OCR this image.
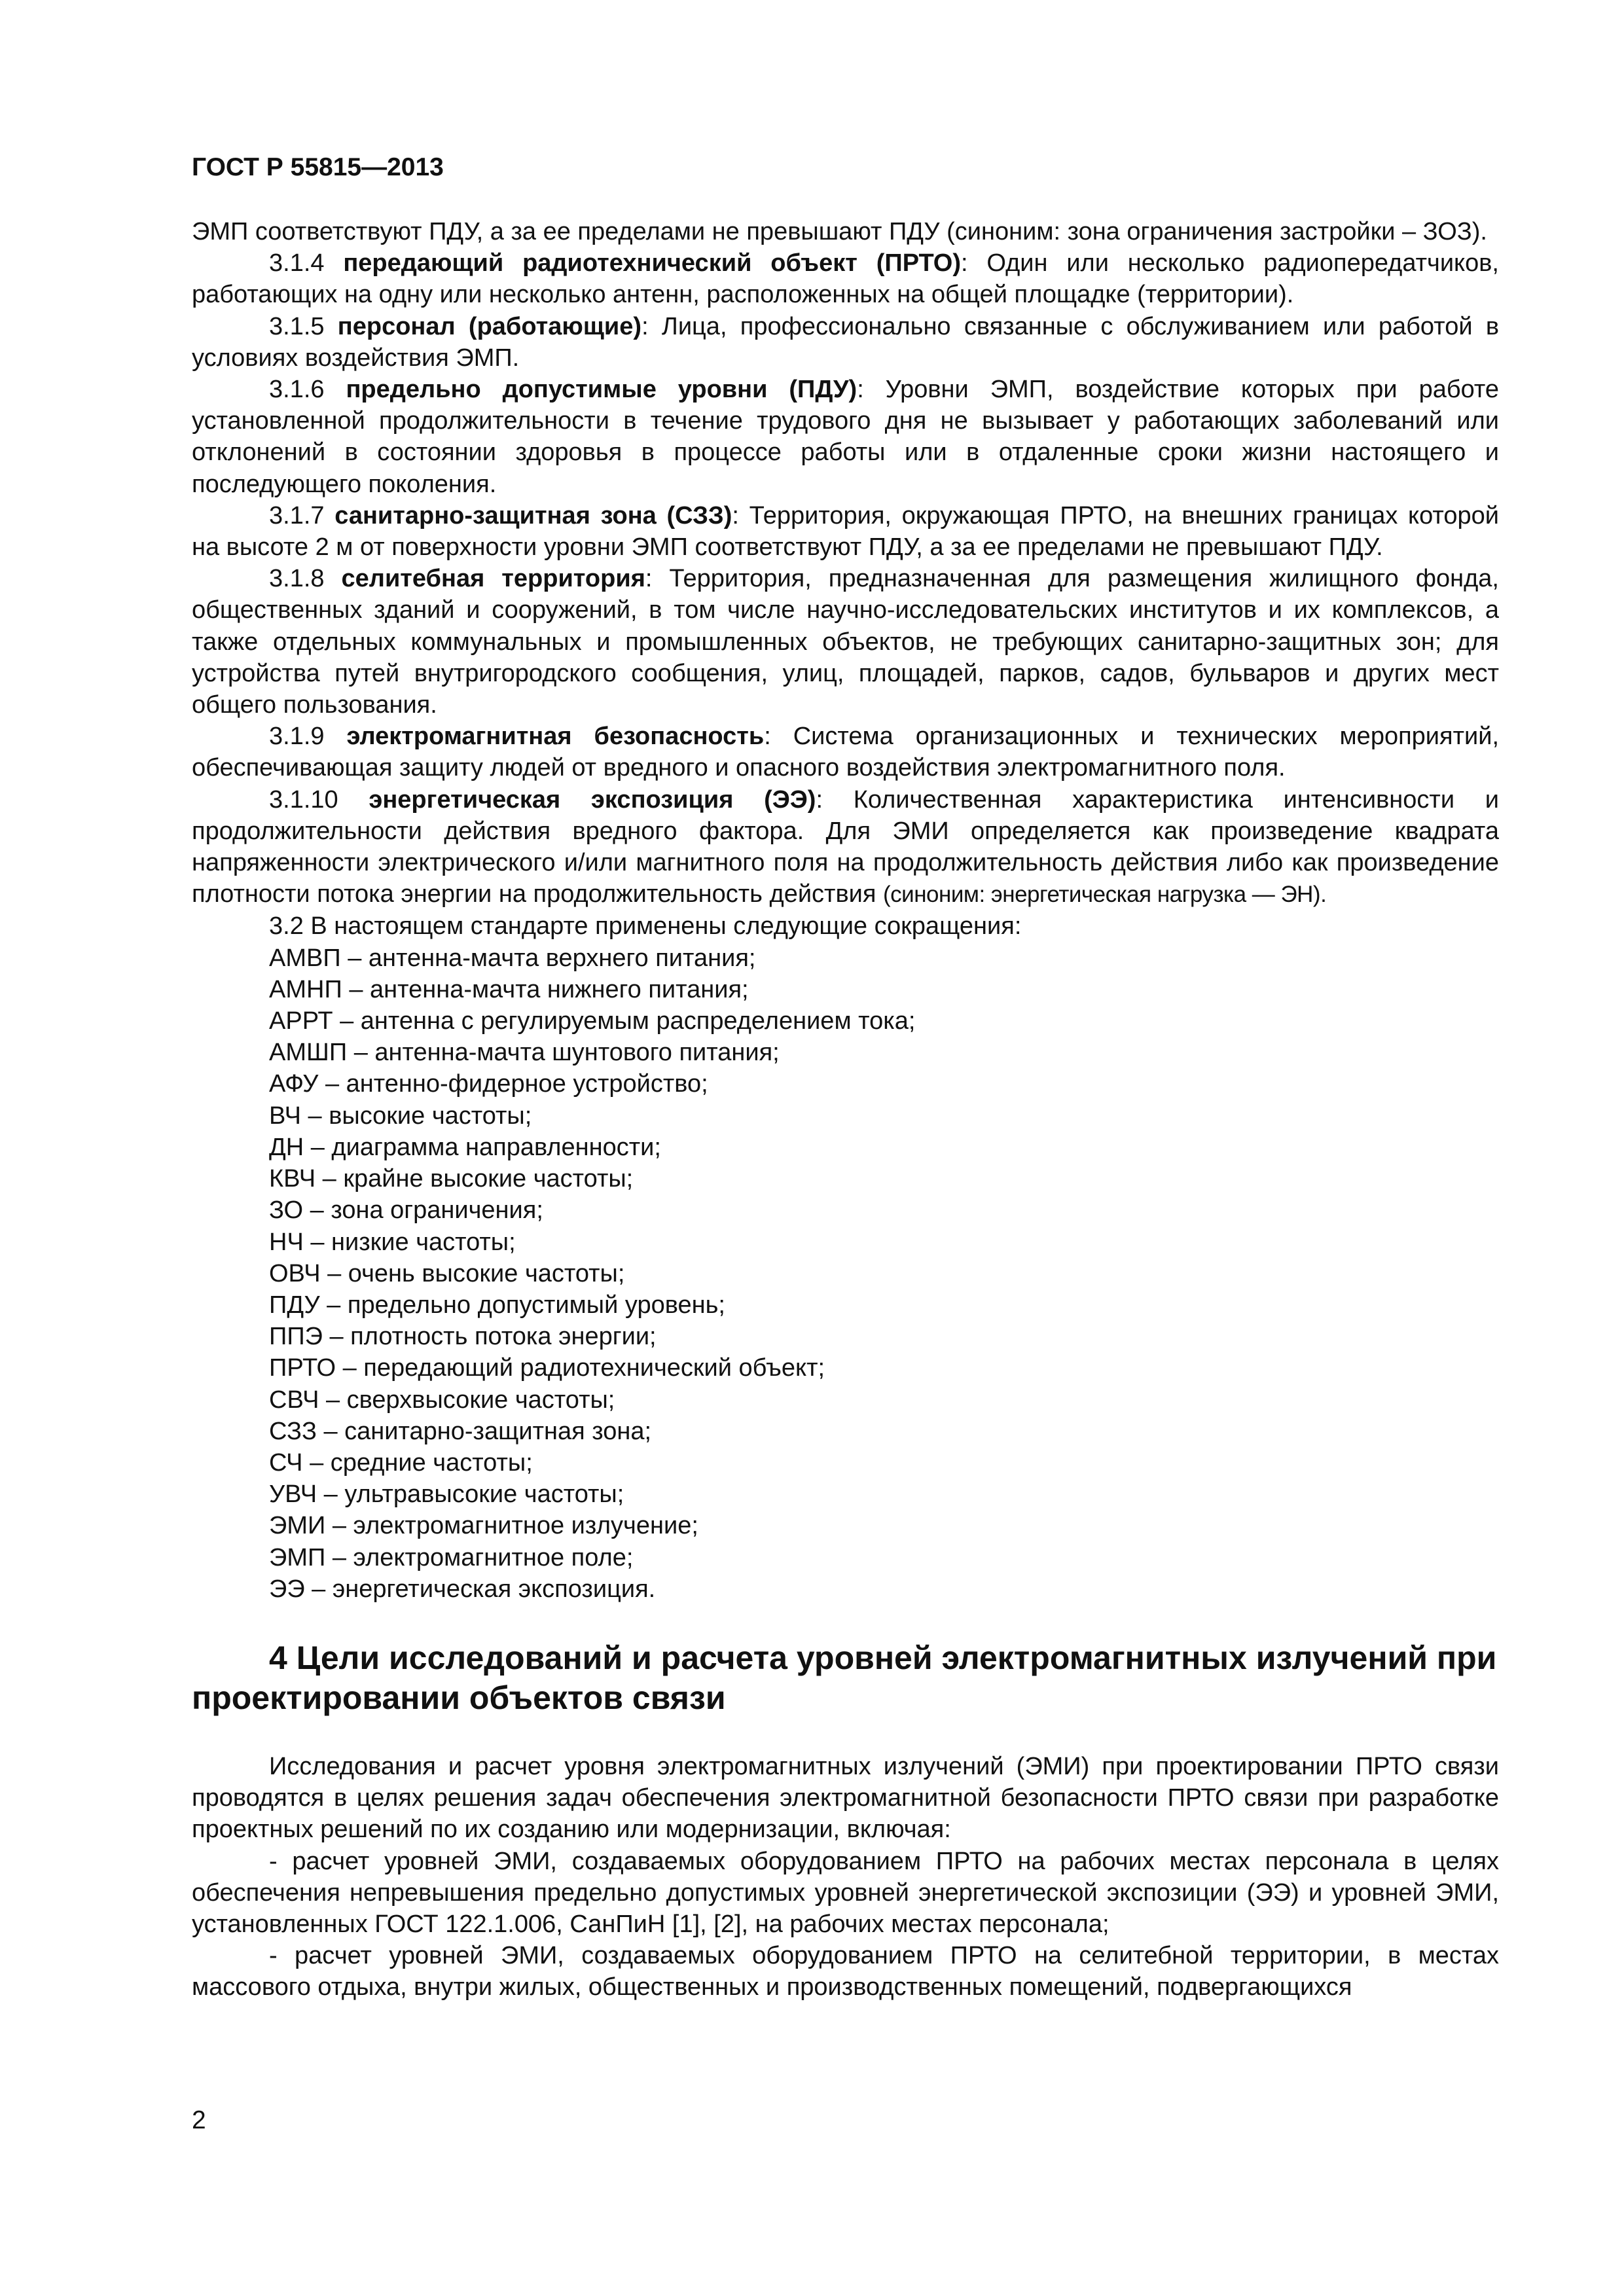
ГОСТ Р 55815—2013

ЭМП соответствуют ПДУ, а за ее пределами не превышают ПДУ (синоним: зона ограничения застройки – ЗОЗ).

3.1.4 передающий радиотехнический объект (ПРТО): Один или несколько радиопередатчиков, работающих на одну или несколько антенн, расположенных на общей площадке (территории).

3.1.5 персонал (работающие): Лица, профессионально связанные с обслуживанием или работой в условиях воздействия ЭМП.

3.1.6 предельно допустимые уровни (ПДУ): Уровни ЭМП, воздействие которых при работе установленной продолжительности в течение трудового дня не вызывает у работающих заболеваний или отклонений в состоянии здоровья в процессе работы или в отдаленные сроки жизни настоящего и последующего поколения.

3.1.7 санитарно-защитная зона (СЗЗ): Территория, окружающая ПРТО, на внешних границах которой на высоте 2 м от поверхности уровни ЭМП соответствуют ПДУ, а за ее пределами не превышают ПДУ.

3.1.8 селитебная территория: Территория, предназначенная для размещения жилищного фонда, общественных зданий и сооружений, в том числе научно-исследовательских институтов и их комплексов, а также отдельных коммунальных и промышленных объектов, не требующих санитарно-защитных зон; для устройства путей внутригородского сообщения, улиц, площадей, парков, садов, бульваров и других мест общего пользования.

3.1.9 электромагнитная безопасность: Система организационных и технических мероприятий, обеспечивающая защиту людей от вредного и опасного воздействия электромагнитного поля.

3.1.10 энергетическая экспозиция (ЭЭ): Количественная характеристика интенсивности и продолжительности действия вредного фактора. Для ЭМИ определяется как произведение квадрата напряженности электрического и/или магнитного поля на продолжительность действия либо как произведение плотности потока энергии на продолжительность действия (синоним: энергетическая нагрузка — ЭН).

3.2 В настоящем стандарте применены следующие сокращения:

АМВП – антенна-мачта верхнего питания;
АМНП – антенна-мачта нижнего питания;
АРРТ – антенна с регулируемым распределением тока;
АМШП – антенна-мачта шунтового питания;
АФУ – антенно-фидерное устройство;
ВЧ – высокие частоты;
ДН – диаграмма направленности;
КВЧ – крайне высокие частоты;
ЗО – зона ограничения;
НЧ – низкие частоты;
ОВЧ – очень высокие частоты;
ПДУ – предельно допустимый уровень;
ППЭ – плотность потока энергии;
ПРТО – передающий радиотехнический объект;
СВЧ – сверхвысокие частоты;
СЗЗ – санитарно-защитная зона;
СЧ – средние частоты;
УВЧ – ультравысокие частоты;
ЭМИ – электромагнитное излучение;
ЭМП – электромагнитное поле;
ЭЭ – энергетическая экспозиция.
4 Цели исследований и расчета уровней электромагнитных излучений при проектировании объектов связи

Исследования и расчет уровня электромагнитных излучений (ЭМИ) при проектировании ПРТО связи проводятся в целях решения задач обеспечения электромагнитной безопасности ПРТО связи при разработке проектных решений по их созданию или модернизации, включая:

- расчет уровней ЭМИ, создаваемых оборудованием ПРТО на рабочих местах персонала в целях обеспечения непревышения предельно допустимых уровней энергетической экспозиции (ЭЭ) и уровней ЭМИ, установленных ГОСТ 122.1.006, СанПиН [1], [2], на рабочих местах персонала;

- расчет уровней ЭМИ, создаваемых оборудованием ПРТО на селитебной территории, в местах массового отдыха, внутри жилых, общественных и производственных помещений, подвергающихся

2
